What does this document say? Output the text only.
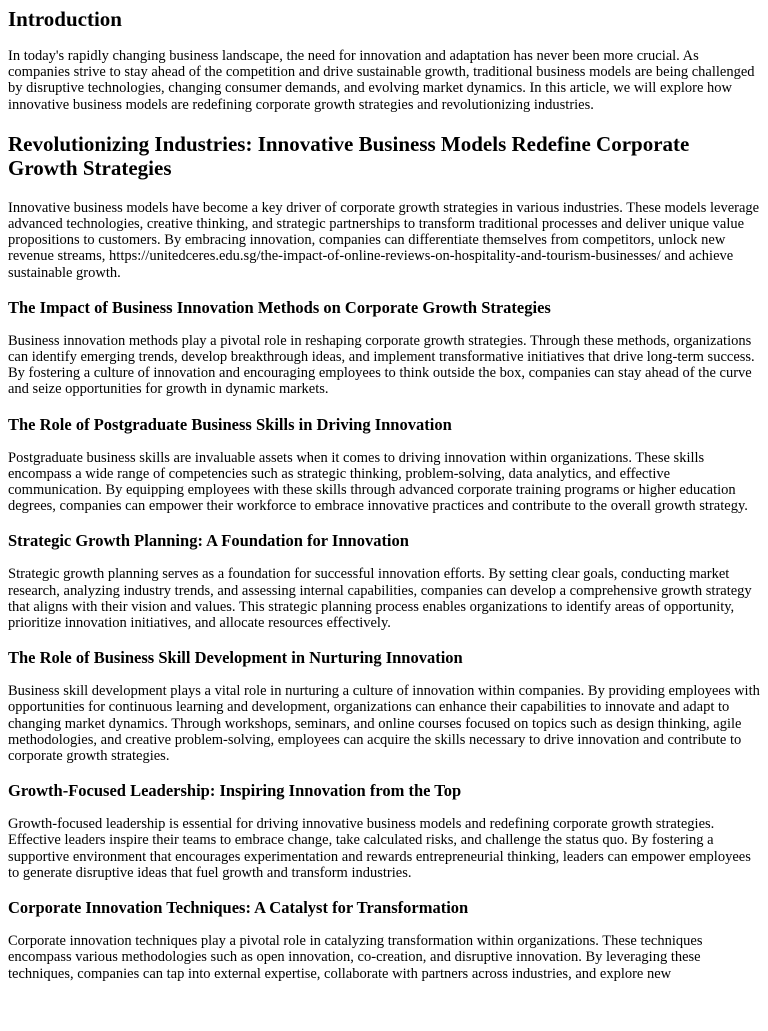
Introduction

In today's rapidly changing business landscape, the need for innovation and adaptation has never been more crucial. As companies strive to stay ahead of the competition and drive sustainable growth, traditional business models are being challenged by disruptive technologies, changing consumer demands, and evolving market dynamics. In this article, we will explore how innovative business models are redefining corporate growth strategies and revolutionizing industries.

Revolutionizing Industries: Innovative Business Models Redefine Corporate Growth Strategies

Innovative business models have become a key driver of corporate growth strategies in various industries. These models leverage advanced technologies, creative thinking, and strategic partnerships to transform traditional processes and deliver unique value propositions to customers. By embracing innovation, companies can differentiate themselves from competitors, unlock new revenue streams, https://unitedceres.edu.sg/the-impact-of-online-reviews-on-hospitality-and-tourism-businesses/ and achieve sustainable growth.

The Impact of Business Innovation Methods on Corporate Growth Strategies

Business innovation methods play a pivotal role in reshaping corporate growth strategies. Through these methods, organizations can identify emerging trends, develop breakthrough ideas, and implement transformative initiatives that drive long-term success. By fostering a culture of innovation and encouraging employees to think outside the box, companies can stay ahead of the curve and seize opportunities for growth in dynamic markets.

The Role of Postgraduate Business Skills in Driving Innovation

Postgraduate business skills are invaluable assets when it comes to driving innovation within organizations. These skills encompass a wide range of competencies such as strategic thinking, problem-solving, data analytics, and effective communication. By equipping employees with these skills through advanced corporate training programs or higher education degrees, companies can empower their workforce to embrace innovative practices and contribute to the overall growth strategy.

Strategic Growth Planning: A Foundation for Innovation

Strategic growth planning serves as a foundation for successful innovation efforts. By setting clear goals, conducting market research, analyzing industry trends, and assessing internal capabilities, companies can develop a comprehensive growth strategy that aligns with their vision and values. This strategic planning process enables organizations to identify areas of opportunity, prioritize innovation initiatives, and allocate resources effectively.

The Role of Business Skill Development in Nurturing Innovation

Business skill development plays a vital role in nurturing a culture of innovation within companies. By providing employees with opportunities for continuous learning and development, organizations can enhance their capabilities to innovate and adapt to changing market dynamics. Through workshops, seminars, and online courses focused on topics such as design thinking, agile methodologies, and creative problem-solving, employees can acquire the skills necessary to drive innovation and contribute to corporate growth strategies.

Growth-Focused Leadership: Inspiring Innovation from the Top

Growth-focused leadership is essential for driving innovative business models and redefining corporate growth strategies. Effective leaders inspire their teams to embrace change, take calculated risks, and challenge the status quo. By fostering a supportive environment that encourages experimentation and rewards entrepreneurial thinking, leaders can empower employees to generate disruptive ideas that fuel growth and transform industries.

Corporate Innovation Techniques: A Catalyst for Transformation

Corporate innovation techniques play a pivotal role in catalyzing transformation within organizations. These techniques encompass various methodologies such as open innovation, co-creation, and disruptive innovation. By leveraging these techniques, companies can tap into external expertise, collaborate with partners across industries, and explore new
